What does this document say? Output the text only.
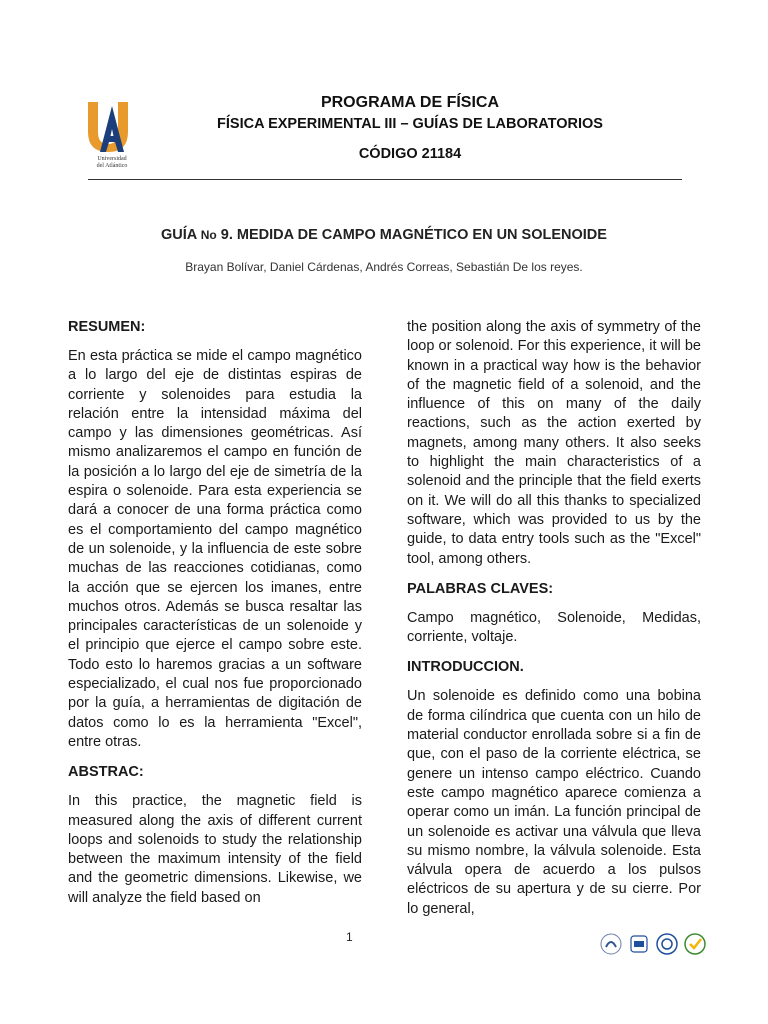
Universidad
del Atlántico
PROGRAMA DE FÍSICA
FÍSICA EXPERIMENTAL III – GUÍAS DE LABORATORIOS
CÓDIGO 21184
GUÍA No 9. MEDIDA DE CAMPO MAGNÉTICO EN UN SOLENOIDE
Brayan Bolívar, Daniel Cárdenas, Andrés Correas, Sebastián De los reyes.
RESUMEN:

En esta práctica se mide el campo magnético a lo largo del eje de distintas espiras de corriente y solenoides para estudia la relación entre la intensidad máxima del campo y las dimensiones geométricas. Así mismo analizaremos el campo en función de la posición a lo largo del eje de simetría de la espira o solenoide. Para esta experiencia se dará a conocer de una forma práctica como es el comportamiento del campo magnético de un solenoide, y la influencia de este sobre muchas de las reacciones cotidianas, como la acción que se ejercen los imanes, entre muchos otros. Además se busca resaltar las principales características de un solenoide y el principio que ejerce el campo sobre este. Todo esto lo haremos gracias a un software especializado, el cual nos fue proporcionado por la guía, a herramientas de digitación de datos como lo es la herramienta "Excel", entre otras.

ABSTRAC:

In this practice, the magnetic field is measured along the axis of different current loops and solenoids to study the relationship between the maximum intensity of the field and the geometric dimensions. Likewise, we will analyze the field based on

the position along the axis of symmetry of the loop or solenoid. For this experience, it will be known in a practical way how is the behavior of the magnetic field of a solenoid, and the influence of this on many of the daily reactions, such as the action exerted by magnets, among many others. It also seeks to highlight the main characteristics of a solenoid and the principle that the field exerts on it. We will do all this thanks to specialized software, which was provided to us by the guide, to data entry tools such as the "Excel" tool, among others.

PALABRAS CLAVES:

Campo magnético, Solenoide, Medidas, corriente, voltaje.

INTRODUCCION.

Un solenoide es definido como una bobina de forma cilíndrica que cuenta con un hilo de material conductor enrollada sobre si a fin de que, con el paso de la corriente eléctrica, se genere un intenso campo eléctrico. Cuando este campo magnético aparece comienza a operar como un imán. La función principal de un solenoide es activar una válvula que lleva su mismo nombre, la válvula solenoide. Esta válvula opera de acuerdo a los pulsos eléctricos de su apertura y de su cierre. Por lo general,

1
